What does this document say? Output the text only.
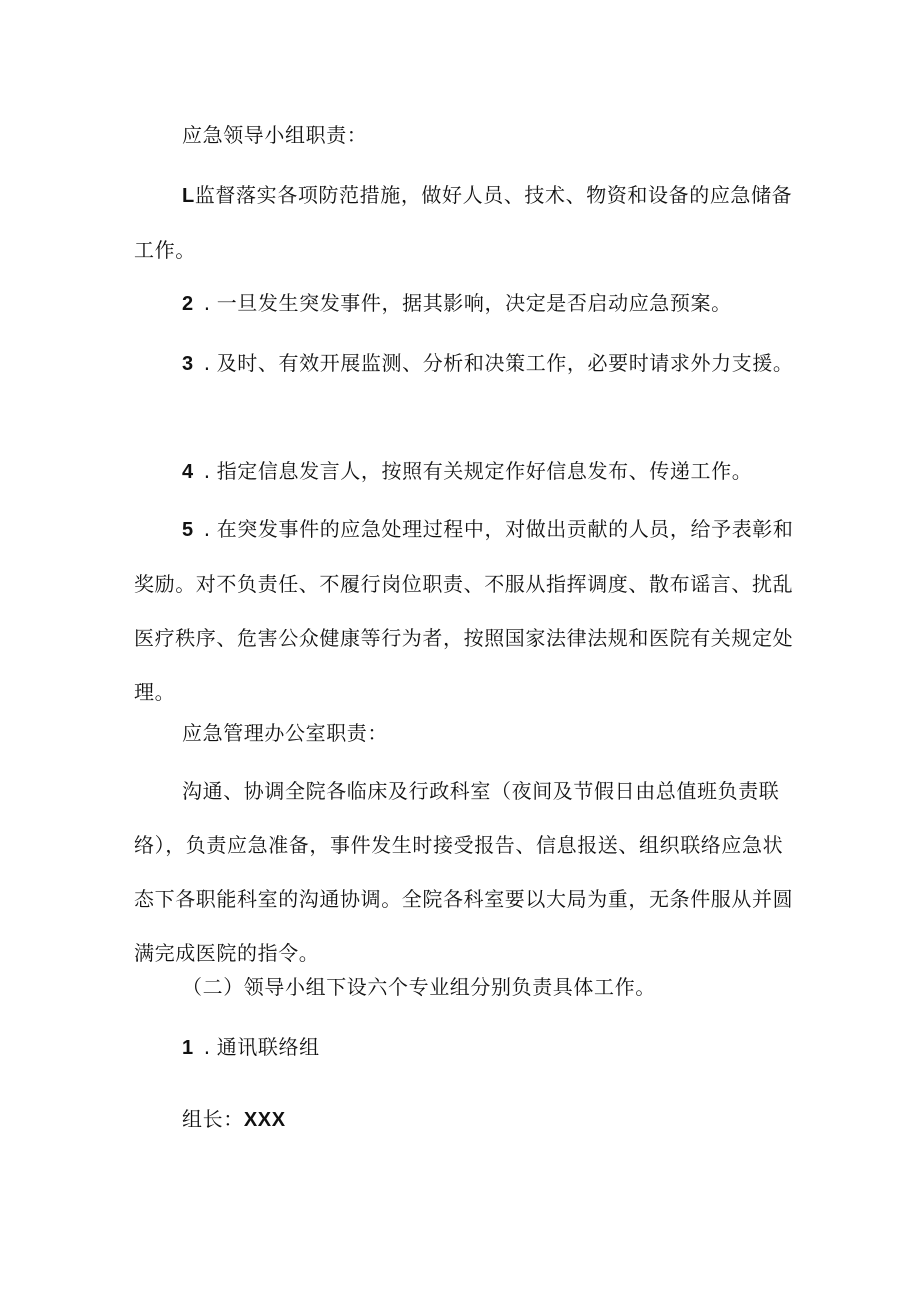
应急领导小组职责：

L监督落实各项防范措施，做好人员、技术、物资和设备的应急储备工作。

2 . 一旦发生突发事件，据其影响，决定是否启动应急预案。

3 . 及时、有效开展监测、分析和决策工作，必要时请求外力支援。

4 . 指定信息发言人，按照有关规定作好信息发布、传递工作。

5 . 在突发事件的应急处理过程中，对做出贡献的人员，给予表彰和奖励。对不负责任、不履行岗位职责、不服从指挥调度、散布谣言、扰乱医疗秩序、危害公众健康等行为者，按照国家法律法规和医院有关规定处理。

应急管理办公室职责：

沟通、协调全院各临床及行政科室（夜间及节假日由总值班负责联络），负责应急准备，事件发生时接受报告、信息报送、组织联络应急状态下各职能科室的沟通协调。全院各科室要以大局为重，无条件服从并圆满完成医院的指令。

（二）领导小组下设六个专业组分别负责具体工作。

1 . 通讯联络组

组长：XXX
